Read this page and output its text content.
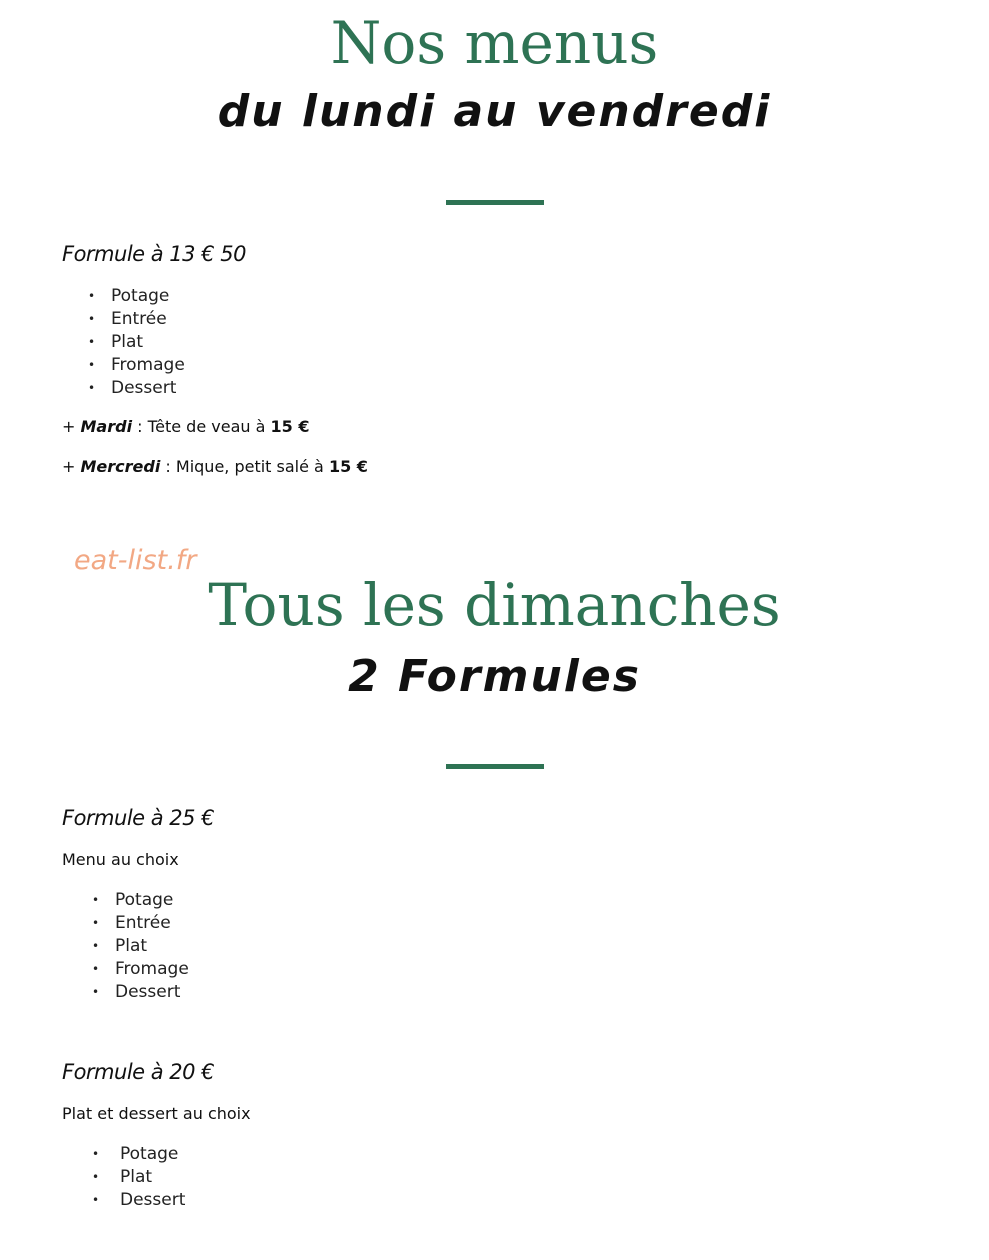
Nos menus
du lundi au vendredi
Formule à 13 € 50
• Potage
• Entrée
• Plat
• Fromage
• Dessert

+ Mardi : Tête de veau à 15 €

+ Mercredi : Mique, petit salé à 15 €

eat-list.fr
Tous les dimanches
2 Formules
Formule à 25 €

Menu au choix

• Potage
• Entrée
• Plat
• Fromage
• Dessert
Formule à 20 €

Plat et dessert au choix

• Potage
• Plat
• Dessert
